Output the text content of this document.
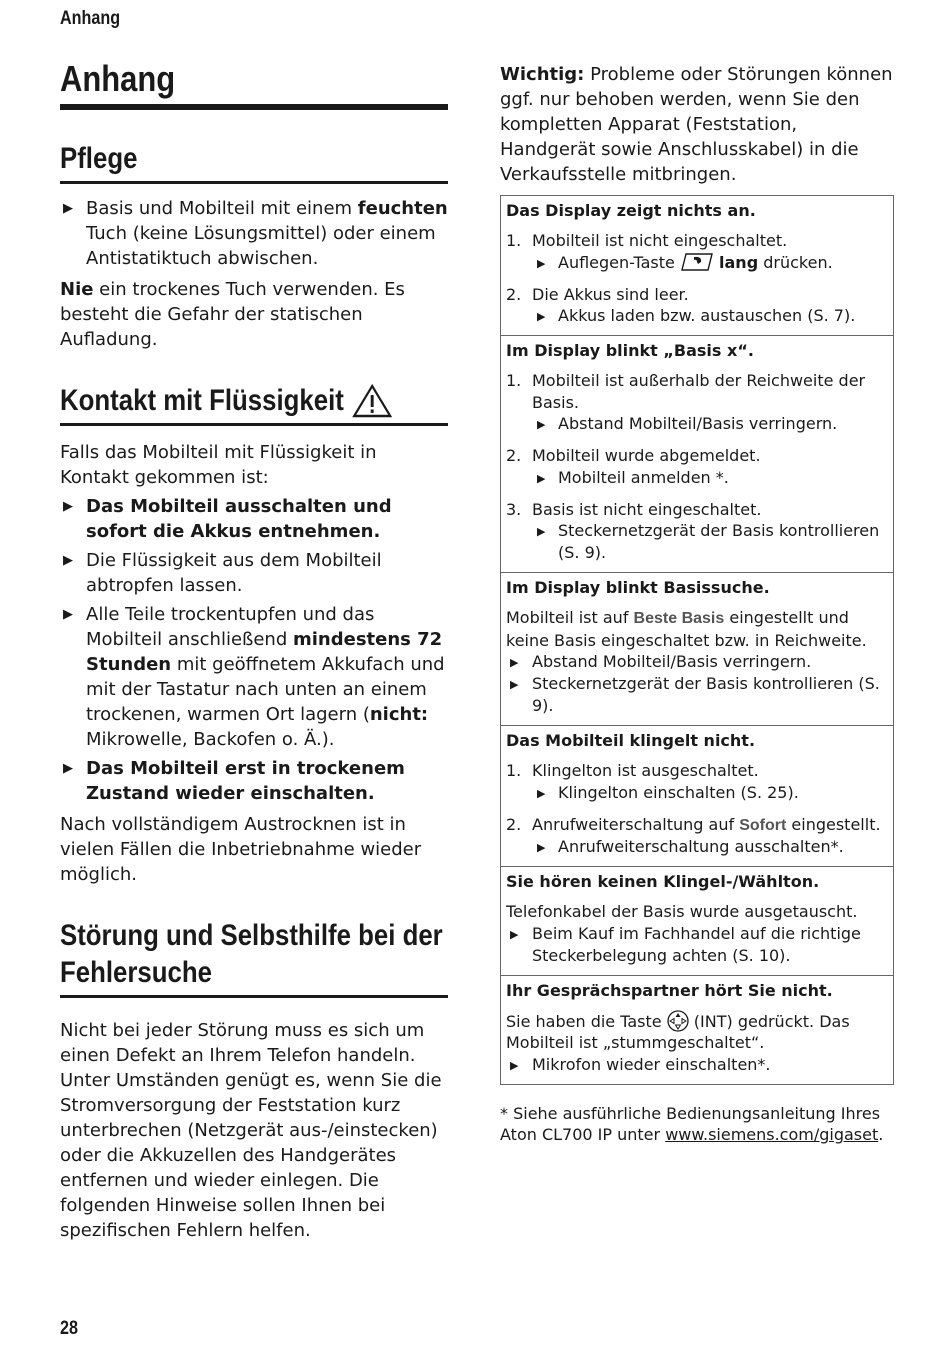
Anhang
Anhang
Pflege
▶ Basis und Mobilteil mit einem feuchten Tuch (keine Lösungsmittel) oder einem Antistatiktuch abwischen.

Nie ein trockenes Tuch verwenden. Es besteht die Gefahr der statischen Aufladung.

Kontakt mit Flüssigkeit

Falls das Mobilteil mit Flüssigkeit in Kontakt gekommen ist:

▶ Das Mobilteil ausschalten und sofort die Akkus entnehmen.
▶ Die Flüssigkeit aus dem Mobilteil abtropfen lassen.
▶ Alle Teile trockentupfen und das Mobilteil anschließend mindestens 72 Stunden mit geöffnetem Akkufach und mit der Tastatur nach unten an einem trockenen, warmen Ort lagern (nicht: Mikrowelle, Backofen o. Ä.).
▶ Das Mobilteil erst in trockenem Zustand wieder einschalten.

Nach vollständigem Austrocknen ist in vielen Fällen die Inbetriebnahme wieder möglich.

Störung und Selbsthilfe bei der
Fehlersuche

Nicht bei jeder Störung muss es sich um einen Defekt an Ihrem Telefon handeln. Unter Umständen genügt es, wenn Sie die Stromversorgung der Feststation kurz unterbrechen (Netzgerät aus-/einstecken) oder die Akkuzellen des Handgerätes entfernen und wieder einlegen. Die folgenden Hinweise sollen Ihnen bei spezifischen Fehlern helfen.

Wichtig: Probleme oder Störungen können ggf. nur behoben werden, wenn Sie den kompletten Apparat (Feststation, Handgerät sowie Anschlusskabel) in die Verkaufsstelle mitbringen.

Das Display zeigt nichts an.
1. Mobilteil ist nicht eingeschaltet.
▶ Auflegen-Taste  lang drücken.
2. Die Akkus sind leer.
▶ Akkus laden bzw. austauschen (S. 7).
Im Display blinkt „Basis x“.
1. Mobilteil ist außerhalb der Reichweite der Basis.
▶ Abstand Mobilteil/Basis verringern.
2. Mobilteil wurde abgemeldet.
▶ Mobilteil anmelden *.
3. Basis ist nicht eingeschaltet.
▶ Steckernetzgerät der Basis kontrollieren (S. 9).
Im Display blinkt Basissuche.
Mobilteil ist auf Beste Basis eingestellt und keine Basis eingeschaltet bzw. in Reichweite.
▶ Abstand Mobilteil/Basis verringern.
▶ Steckernetzgerät der Basis kontrollieren (S. 9).
Das Mobilteil klingelt nicht.
1. Klingelton ist ausgeschaltet.
▶ Klingelton einschalten (S. 25).
2. Anrufweiterschaltung auf Sofort eingestellt.
▶ Anrufweiterschaltung ausschalten*.
Sie hören keinen Klingel-/Wählton.
Telefonkabel der Basis wurde ausgetauscht.
▶ Beim Kauf im Fachhandel auf die richtige Steckerbelegung achten (S. 10).
Ihr Gesprächspartner hört Sie nicht.
Sie haben die Taste  (INT) gedrückt. Das Mobilteil ist „stummgeschaltet“.
▶ Mikrofon wieder einschalten*.
* Siehe ausführliche Bedienungsanleitung Ihres Aton CL700 IP unter www.siemens.com/gigaset.
28
